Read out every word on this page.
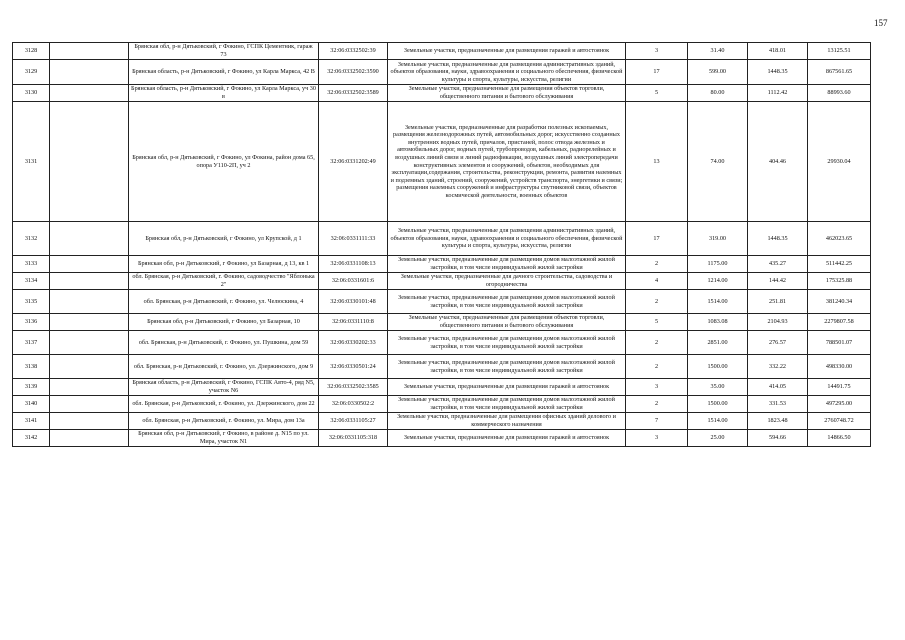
157
3128		Брянская обл, р-н Дятьковский, г Фокино, ГСПК Цементник, гараж 73	32:06:0332502:39	Земельные участки, предназначенные для размещения гаражей и автостоянок	3	31.40	418.01	13125.51
3129		Брянская область, р-н Дятьковский, г Фокино, ул Карла Маркса, 42 В	32:06:0332502:3590	Земельные участки, предназначенные для размещения административных зданий, объектов образования, науки, здравоохранения и социального обеспечения, физической культуры и спорта, культуры, искусства, религии	17	599.00	1448.35	867561.65
3130		Брянская область, р-н Дятьковский, г Фокино, ул Карла Маркса, уч 30 в	32:06:0332502:3589	Земельные участки, предназначенные для размещения объектов торговли, общественного питания и бытового обслуживания	5	80.00	1112.42	88993.60
3131		Брянская обл, р-н Дятьковский, г Фокино, ул Фокина, район дома 65, опора У110-2П, уч 2	32:06:0331202:49	Земельные участки, предназначенные для разработки полезных ископаемых, размещения железнодорожных путей, автомобильных дорог, искусственно созданных внутренних водных путей, причалов, пристаней, полос отвода железных и автомобильных дорог, водных путей, трубопроводов, кабельных, радиорелейных и воздушных линий связи и линий радиофикации, воздушных линий электропередачи конструктивных элементов и сооружений, объектов, необходимых для эксплуатации,содержания, строительства, реконструкции, ремонта, развития наземных и подземных зданий, строений, сооружений, устройств транспорта, энергетики и связи; размещения наземных сооружений и инфраструктуры спутниковой связи, объектов космической деятельности, военных объектов	13	74.00	404.46	29930.04
3132		Брянская обл, р-н Дятьковский, г Фокино, ул Крупской, д 1	32:06:0331111:33	Земельные участки, предназначенные для размещения административных зданий, объектов образования, науки, здравоохранения и социального обеспечения, физической культуры и спорта, культуры, искусства, религии	17	319.00	1448.35	462023.65
3133		Брянская обл, р-н Дятьковский, г Фокино, ул Базарная, д 13, кв 1	32:06:0331108:13	Земельные участки, предназначенные для размещения домов малоэтажной жилой застройки, в том числе индивидуальной жилой застройки	2	1175.00	435.27	511442.25
3134		обл. Брянская, р-н Дятьковский, г. Фокино, садоводчество "Яблонька 2"	32:06:0331601:6	Земельные участки, предназначенные для дачного строительства, садоводства и огородничества	4	1214.00	144.42	175325.88
3135		обл. Брянская, р-н Дятьковский, г. Фокино, ул. Челюскина, 4	32:06:0330101:48	Земельные участки, предназначенные для размещения домов малоэтажной жилой застройки, в том числе индивидуальной жилой застройки	2	1514.00	251.81	381240.34
3136		Брянская обл, р-н Дятьковский, г Фокино, ул Базарная, 10	32:06:0331110:8	Земельные участки, предназначенные для размещения объектов торговли, общественного питания и бытового обслуживания	5	1083.08	2104.93	2279807.58
3137		обл. Брянская, р-н Дятьковский, г. Фокино, ул. Пушкина, дом 59	32:06:0330202:33	Земельные участки, предназначенные для размещения домов малоэтажной жилой застройки, в том числе индивидуальной жилой застройки	2	2851.00	276.57	788501.07
3138		обл. Брянская, р-н Дятьковский, г. Фокино, ул. Дзержинского, дом 9	32:06:0330501:24	Земельные участки, предназначенные для размещения домов малоэтажной жилой застройки, в том числе индивидуальной жилой застройки	2	1500.00	332.22	498330.00
3139		Брянская область, р-н Дятьковский, г Фокино, ГСПК Авто-4, ряд N5, участок N6	32:06:0332502:3585	Земельные участки, предназначенные для размещения гаражей и автостоянок	3	35.00	414.05	14491.75
3140		обл. Брянская, р-н Дятьковский, г. Фокино, ул. Дзержинского, дом 22	32:06:0330502:2	Земельные участки, предназначенные для размещения домов малоэтажной жилой застройки, в том числе индивидуальной жилой застройки	2	1500.00	331.53	497295.00
3141		обл. Брянская, р-н Дятьковский, г. Фокино, ул. Мира, дом 13а	32:06:0331105:27	Земельные участки, предназначенные для размещения офисных зданий делового и коммерческого назначения	7	1514.00	1823.48	2760748.72
3142		Брянская обл, р-н Дятьковский, г Фокино, в районе д. N15 по ул. Мира, участок N1	32:06:0331105:318	Земельные участки, предназначенные для размещения гаражей и автостоянок	3	25.00	594.66	14866.50
